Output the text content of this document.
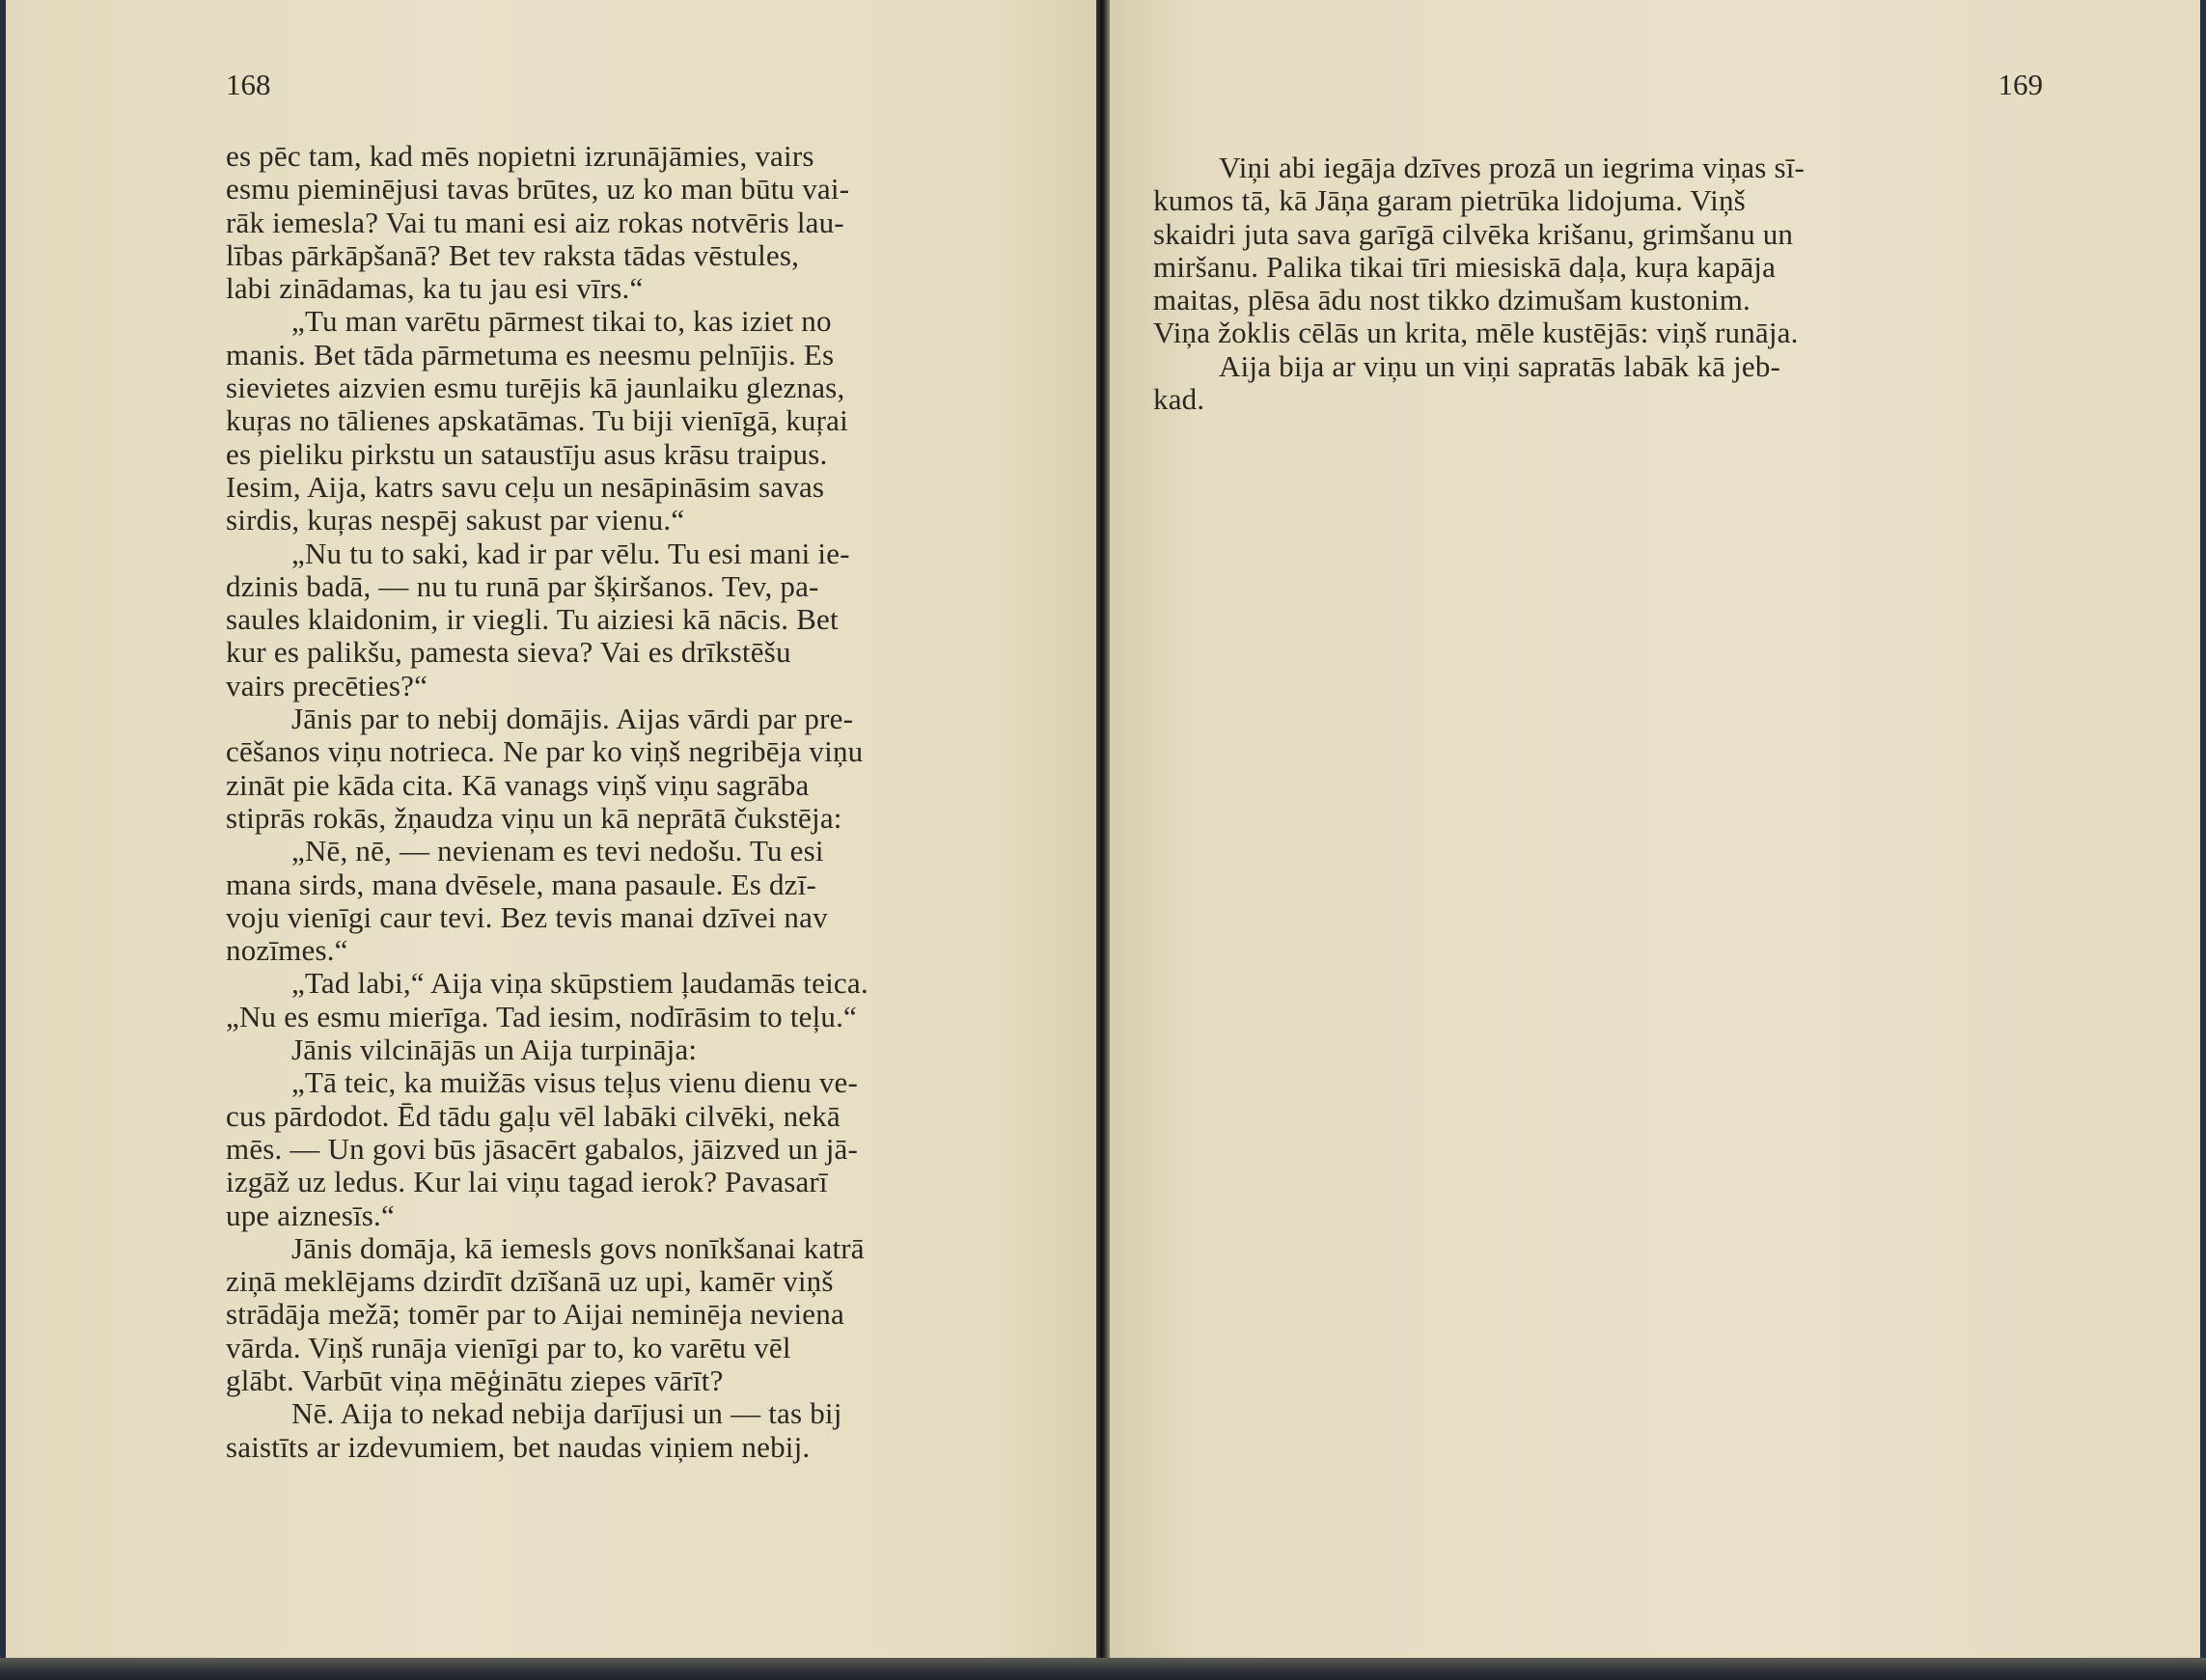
168

es pēc tam, kad mēs nopietni izrunājāmies, vairs

esmu pieminējusi tavas brūtes, uz ko man būtu vai-

rāk iemesla? Vai tu mani esi aiz rokas notvēris lau-

lības pārkāpšanā? Bet tev raksta tādas vēstules,

labi zinādamas, ka tu jau esi vīrs.“

„Tu man varētu pārmest tikai to, kas iziet no

manis. Bet tāda pārmetuma es neesmu pelnījis. Es

sievietes aizvien esmu turējis kā jaunlaiku gleznas,

kuŗas no tālienes apskatāmas. Tu biji vienīgā, kuŗai

es pieliku pirkstu un sataustīju asus krāsu traipus.

Iesim, Aija, katrs savu ceļu un nesāpināsim savas

sirdis, kuŗas nespēj sakust par vienu.“

„Nu tu to saki, kad ir par vēlu. Tu esi mani ie-

dzinis badā, — nu tu runā par šķiršanos. Tev, pa-

saules klaidonim, ir viegli. Tu aiziesi kā nācis. Bet

kur es palikšu, pamesta sieva? Vai es drīkstēšu

vairs precēties?“

Jānis par to nebij domājis. Aijas vārdi par pre-

cēšanos viņu notrieca. Ne par ko viņš negribēja viņu

zināt pie kāda cita. Kā vanags viņš viņu sagrāba

stiprās rokās, žņaudza viņu un kā neprātā čukstēja:

„Nē, nē, — nevienam es tevi nedošu. Tu esi

mana sirds, mana dvēsele, mana pasaule. Es dzī-

voju vienīgi caur tevi. Bez tevis manai dzīvei nav

nozīmes.“

„Tad labi,“ Aija viņa skūpstiem ļaudamās teica.

„Nu es esmu mierīga. Tad iesim, nodīrāsim to teļu.“

Jānis vilcinājās un Aija turpināja:

„Tā teic, ka muižās visus teļus vienu dienu ve-

cus pārdodot. Ēd tādu gaļu vēl labāki cilvēki, nekā

mēs. — Un govi būs jāsacērt gabalos, jāizved un jā-

izgāž uz ledus. Kur lai viņu tagad ierok? Pavasarī

upe aiznesīs.“

Jānis domāja, kā iemesls govs nonīkšanai katrā

ziņā meklējams dzirdīt dzīšanā uz upi, kamēr viņš

strādāja mežā; tomēr par to Aijai neminēja neviena

vārda. Viņš runāja vienīgi par to, ko varētu vēl

glābt. Varbūt viņa mēģinātu ziepes vārīt?

Nē. Aija to nekad nebija darījusi un — tas bij

saistīts ar izdevumiem, bet naudas viņiem nebij.

169

Viņi abi iegāja dzīves prozā un iegrima viņas sī-

kumos tā, kā Jāņa garam pietrūka lidojuma. Viņš

skaidri juta sava garīgā cilvēka krišanu, grimšanu un

miršanu. Palika tikai tīri miesiskā daļa, kuŗa kapāja

maitas, plēsa ādu nost tikko dzimušam kustonim.

Viņa žoklis cēlās un krita, mēle kustējās: viņš runāja.

Aija bija ar viņu un viņi sapratās labāk kā jeb-

kad.
